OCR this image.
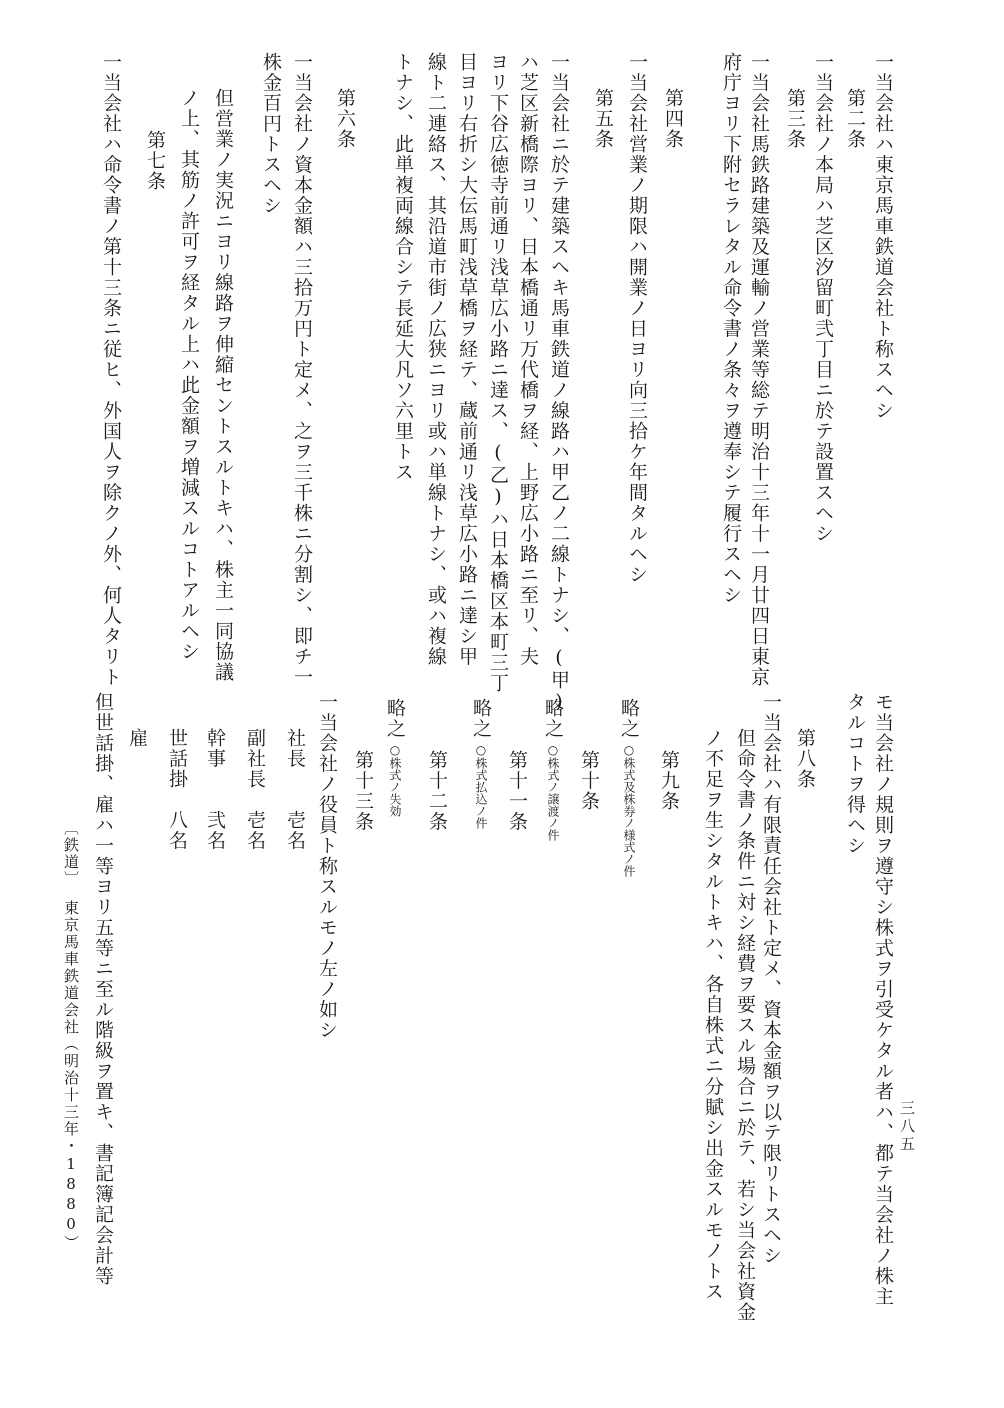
一当会社ハ東京馬車鉄道会社ト称スヘシ
第二条
一当会社ノ本局ハ芝区汐留町弐丁目ニ於テ設置スヘシ
第三条
一当会社馬鉄路建築及運輸ノ営業等総テ明治十三年十一月廿四日東京
府庁ヨリ下附セラレタル命令書ノ条々ヲ遵奉シテ履行スヘシ
第四条
一当会社営業ノ期限ハ開業ノ日ヨリ向三拾ケ年間タルヘシ
第五条
一当会社ニ於テ建築スヘキ馬車鉄道ノ線路ハ甲乙ノ二線トナシ、(甲)
ハ芝区新橋際ヨリ、日本橋通リ万代橋ヲ経、上野広小路ニ至リ、夫
ヨリ下谷広徳寺前通リ浅草広小路ニ達ス、(乙)ハ日本橋区本町三丁
目ヨリ右折シ大伝馬町浅草橋ヲ経テ、蔵前通リ浅草広小路ニ達シ甲
線ト二連絡ス、其沿道市街ノ広狭ニヨリ或ハ単線トナシ、或ハ複線
トナシ、此単複両線合シテ長延大凡ソ六里トス
第六条
一当会社ノ資本金額ハ三拾万円ト定メ、之ヲ三千株ニ分割シ、即チ一
株金百円トスヘシ
但営業ノ実況ニヨリ線路ヲ伸縮セントスルトキハ、株主一同協議
ノ上、其筋ノ許可ヲ経タル上ハ此金額ヲ増減スルコトアルヘシ
第七条
一当会社ハ命令書ノ第十三条ニ従ヒ、外国人ヲ除クノ外、何人タリト
モ当会社ノ規則ヲ遵守シ株式ヲ引受ケタル者ハ、都テ当会社ノ株主
タルコトヲ得ヘシ
第八条
一当会社ハ有限責任会社ト定メ、資本金額ヲ以テ限リトスヘシ
但命令書ノ条件ニ対シ経費ヲ要スル場合ニ於テ、若シ当会社資金
ノ不足ヲ生シタルトキハ、各自株式ニ分賦シ出金スルモノトス
第九条
略之○株式及株券ノ様式ノ件
第十条
略之○株式ノ譲渡ノ件
第十一条
略之○株式払込ノ件
第十二条
略之○株式ノ失効
第十三条
一当会社ノ役員ト称スルモノ左ノ如シ
社長　　壱名
副社長　壱名
幹事　　弐名
世話掛　八名
雇
但世話掛、雇ハ一等ヨリ五等ニ至ル階級ヲ置キ、書記簿記会計等
〔鉄道〕
東京馬車鉄道会社（明治十三年・1880）	三八五
